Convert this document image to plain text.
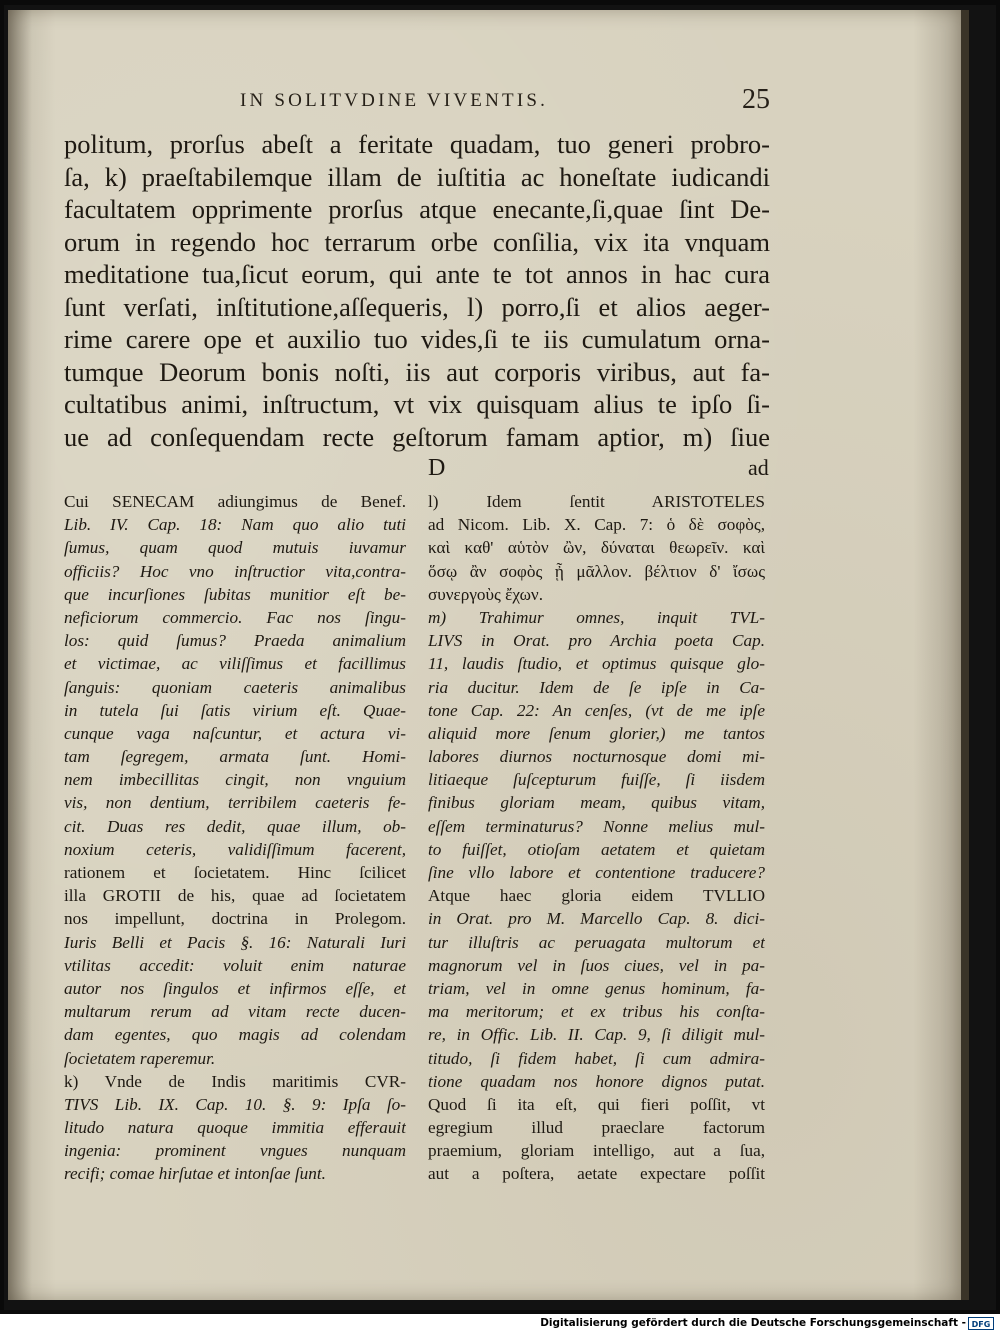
IN SOLITVDINE VIVENTIS.	25
politum, prorſus abeſt a feritate quadam, tuo generi probro-
ſa, k) praeſtabilemque illam de iuſtitia ac honeſtate iudicandi
facultatem opprimente prorſus atque enecante,ſi,quae ſint De-
orum in regendo hoc terrarum orbe conſilia, vix ita vnquam
meditatione tua,ſicut eorum, qui ante te tot annos in hac cura
ſunt verſati, inſtitutione,aſſequeris, l) porro,ſi et alios aeger-
rime carere ope et auxilio tuo vides,ſi te iis cumulatum orna-
tumque Deorum bonis noſti, iis aut corporis viribus, aut fa-
cultatibus animi, inſtructum, vt vix quisquam alius te ipſo ſi-
ue ad conſequendam recte geſtorum famam aptior, m) ſiue
D	ad
Cui SENECAM adiungimus de Benef.
Lib. IV. Cap. 18: Nam quo alio tuti
ſumus, quam quod mutuis iuvamur
officiis? Hoc vno inſtructior vita,contra-
que incurſiones ſubitas munitior eſt be-
neficiorum commercio. Fac nos ſingu-
los: quid ſumus? Praeda animalium
et victimae, ac viliſſimus et facillimus
ſanguis: quoniam caeteris animalibus
in tutela ſui ſatis virium eſt. Quae-
cunque vaga naſcuntur, et actura vi-
tam ſegregem, armata ſunt. Homi-
nem imbecillitas cingit, non vnguium
vis, non dentium, terribilem caeteris fe-
cit. Duas res dedit, quae illum, ob-
noxium ceteris, validiſſimum facerent,
rationem et ſocietatem. Hinc ſcilicet
illa GROTII de his, quae ad ſocietatem
nos impellunt, doctrina in Prolegom.
Iuris Belli et Pacis §. 16: Naturali Iuri
vtilitas accedit: voluit enim naturae
autor nos ſingulos et infirmos eſſe, et
multarum rerum ad vitam recte ducen-
dam egentes, quo magis ad colendam
ſocietatem raperemur.
k) Vnde de Indis maritimis CVR-
TIVS Lib. IX. Cap. 10. §. 9: Ipſa ſo-
litudo natura quoque immitia efferauit
ingenia: prominent vngues nunquam
recifi; comae hirſutae et intonſae ſunt.
l) Idem ſentit ARISTOTELES
ad Nicom. Lib. X. Cap. 7: ὁ δὲ σοφὸς,
καὶ καθ' αὑτὸν ὢν, δύναται θεωρεῖν. καὶ
ὅσῳ ἂν σοφὸς ᾖ μᾶλλον. βέλτιον δ' ἴσως
συνεργοὺς ἔχων.
m) Trahimur omnes, inquit TVL-
LIVS in Orat. pro Archia poeta Cap.
11, laudis ſtudio, et optimus quisque glo-
ria ducitur. Idem de ſe ipſe in Ca-
tone Cap. 22: An cenſes, (vt de me ipſe
aliquid more ſenum glorier,) me tantos
labores diurnos nocturnosque domi mi-
litiaeque ſuſcepturum fuiſſe, ſi iisdem
finibus gloriam meam, quibus vitam,
eſſem terminaturus? Nonne melius mul-
to fuiſſet, otioſam aetatem et quietam
ſine vllo labore et contentione traducere?
Atque haec gloria eidem TVLLIO
in Orat. pro M. Marcello Cap. 8. dici-
tur illuſtris ac peruagata multorum et
magnorum vel in ſuos ciues, vel in pa-
triam, vel in omne genus hominum, fa-
ma meritorum; et ex tribus his conſta-
re, in Offic. Lib. II. Cap. 9, ſi diligit mul-
titudo, ſi fidem habet, ſi cum admira-
tione quadam nos honore dignos putat.
Quod ſi ita eſt, qui fieri poſſit, vt
egregium illud praeclare factorum
praemium, gloriam intelligo, aut a ſua,
aut a poſtera, aetate expectare poſſit
Digitalisierung gefördert durch die Deutsche Forschungsgemeinschaft - DFG
